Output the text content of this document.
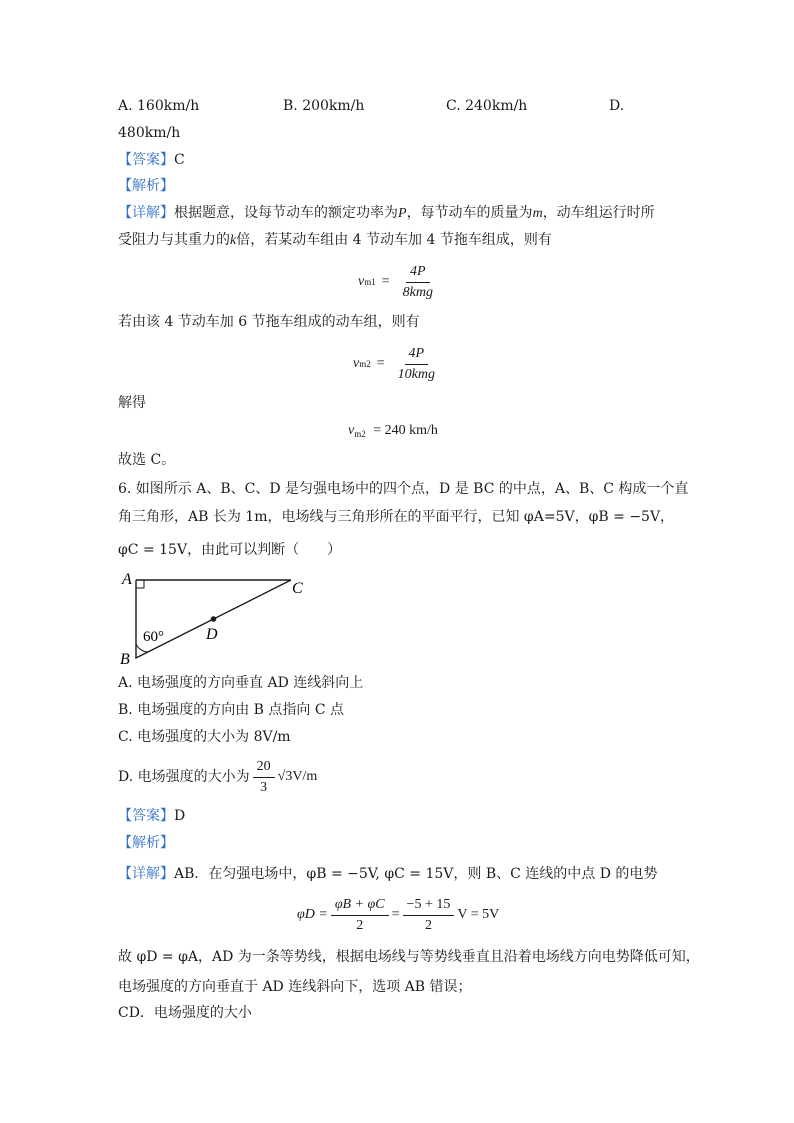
A. 160km/h	B. 200km/h	C. 240km/h	D.
480km/h
【答案】C
【解析】
【详解】根据题意，设每节动车的额定功率为P，每节动车的质量为m，动车组运行时所
受阻力与其重力的k倍，若某动车组由 4 节动车加 4 节拖车组成，则有
v $m1 = \frac{4P}{\text{8kmg}}$
若由该 4 节动车加 6 节拖车组成的动车组，则有
v $m2 = \frac{4P}{\text{10kmg}}$
解得
$v_{m2} = 240$ km/h
故选 C。
6. 如图所示 A、B、C、D 是匀强电场中的四个点，D 是 BC 的中点，A、B、C 构成一个直
角三角形，AB 长为 1m，电场线与三角形所在的平面平行，已知 φA=5V，φB = −5V，
φC = 15V，由此可以判断（　　）
A
B
C
D
60°
A. 电场强度的方向垂直 AD 连线斜向上
B. 电场强度的方向由 B 点指向 C 点
C. 电场强度的大小为 8V/m
D. 电场强度的大小为 $\frac{20}{3} √3V/m$
【答案】D
【解析】
【详解】AB．在匀强电场中，φB = −5V, φC = 15V，则 B、C 连线的中点 D 的电势
$\varphi D = \frac{\varphi B + \varphi C}{2} = \frac{-5 + 15}{2}$ V = 5V
故 φD = φA，AD 为一条等势线，根据电场线与等势线垂直且沿着电场线方向电势降低可知，
电场强度的方向垂直于 AD 连线斜向下，选项 AB 错误；
CD．电场强度的大小
